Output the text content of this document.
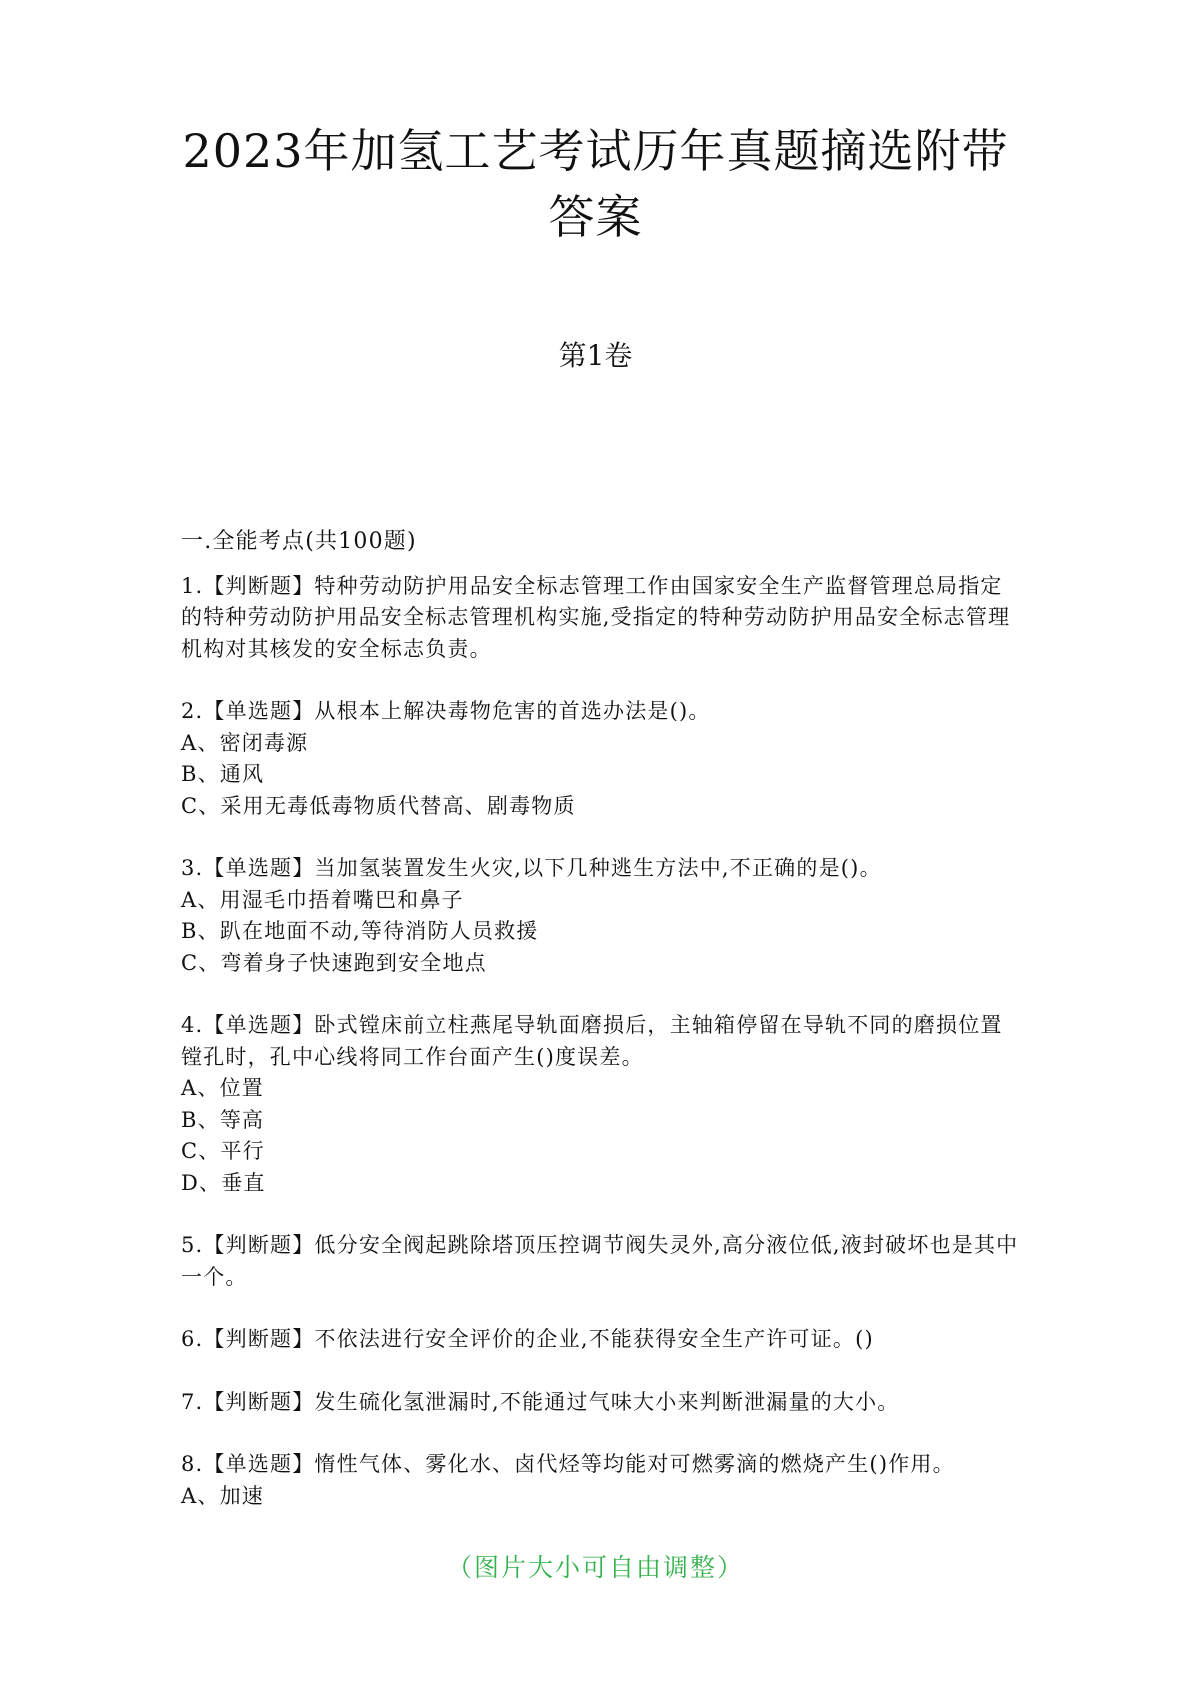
2023年加氢工艺考试历年真题摘选附带
答案
第1卷
一.全能考点(共100题)
1.【判断题】特种劳动防护用品安全标志管理工作由国家安全生产监督管理总局指定的特种劳动防护用品安全标志管理机构实施,受指定的特种劳动防护用品安全标志管理机构对其核发的安全标志负责。
2.【单选题】从根本上解决毒物危害的首选办法是()。
A、密闭毒源
B、通风
C、采用无毒低毒物质代替高、剧毒物质
3.【单选题】当加氢装置发生火灾,以下几种逃生方法中,不正确的是()。
A、用湿毛巾捂着嘴巴和鼻子
B、趴在地面不动,等待消防人员救援
C、弯着身子快速跑到安全地点
4.【单选题】卧式镗床前立柱燕尾导轨面磨损后，主轴箱停留在导轨不同的磨损位置镗孔时，孔中心线将同工作台面产生()度误差。
A、位置
B、等高
C、平行
D、垂直
5.【判断题】低分安全阀起跳除塔顶压控调节阀失灵外,高分液位低,液封破坏也是其中一个。
6.【判断题】不依法进行安全评价的企业,不能获得安全生产许可证。()
7.【判断题】发生硫化氢泄漏时,不能通过气味大小来判断泄漏量的大小。
8.【单选题】惰性气体、雾化水、卤代烃等均能对可燃雾滴的燃烧产生()作用。
A、加速
（图片大小可自由调整）
